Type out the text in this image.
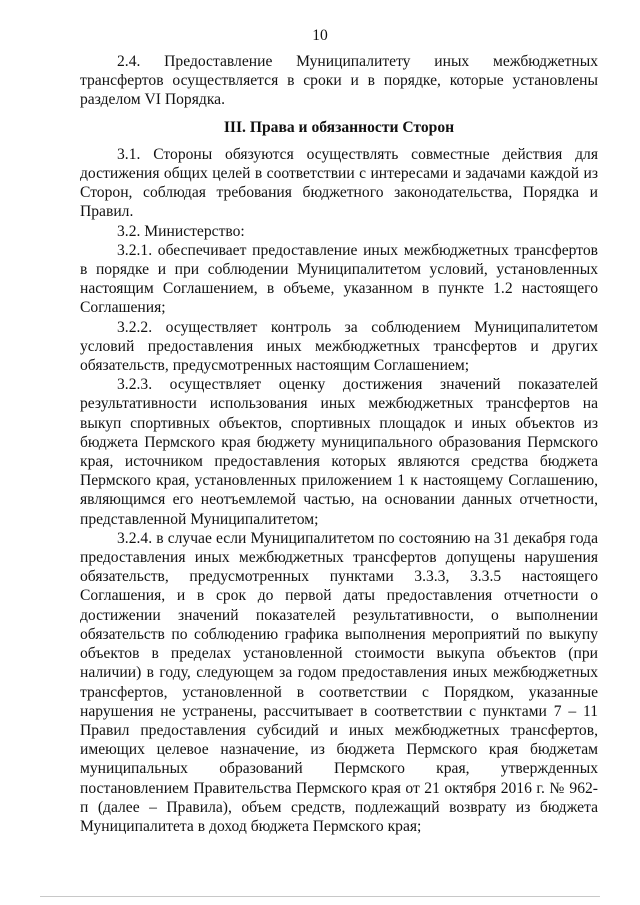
10

2.4. Предоставление Муниципалитету иных межбюджетных трансфертов осуществляется в сроки и в порядке, которые установлены разделом VI Порядка.

III. Права и обязанности Сторон

3.1. Стороны обязуются осуществлять совместные действия для достижения общих целей в соответствии с интересами и задачами каждой из Сторон, соблюдая требования бюджетного законодательства, Порядка и Правил.

3.2. Министерство:

3.2.1. обеспечивает предоставление иных межбюджетных трансфертов в порядке и при соблюдении Муниципалитетом условий, установленных настоящим Соглашением, в объеме, указанном в пункте 1.2 настоящего Соглашения;

3.2.2. осуществляет контроль за соблюдением Муниципалитетом условий предоставления иных межбюджетных трансфертов и других обязательств, предусмотренных настоящим Соглашением;

3.2.3. осуществляет оценку достижения значений показателей результативности использования иных межбюджетных трансфертов на выкуп спортивных объектов, спортивных площадок и иных объектов из бюджета Пермского края бюджету муниципального образования Пермского края, источником предоставления которых являются средства бюджета Пермского края, установленных приложением 1 к настоящему Соглашению, являющимся его неотъемлемой частью, на основании данных отчетности, представленной Муниципалитетом;

3.2.4. в случае если Муниципалитетом по состоянию на 31 декабря года предоставления иных межбюджетных трансфертов допущены нарушения обязательств, предусмотренных пунктами 3.3.3, 3.3.5 настоящего Соглашения, и в срок до первой даты предоставления отчетности о достижении значений показателей результативности, о выполнении обязательств по соблюдению графика выполнения мероприятий по выкупу объектов в пределах установленной стоимости выкупа объектов (при наличии) в году, следующем за годом предоставления иных межбюджетных трансфертов, установленной в соответствии с Порядком, указанные нарушения не устранены, рассчитывает в соответствии с пунктами 7 – 11 Правил предоставления субсидий и иных межбюджетных трансфертов, имеющих целевое назначение, из бюджета Пермского края бюджетам муниципальных образований Пермского края, утвержденных постановлением Правительства Пермского края от 21 октября 2016 г. № 962-п (далее – Правила), объем средств, подлежащий возврату из бюджета Муниципалитета в доход бюджета Пермского края;
